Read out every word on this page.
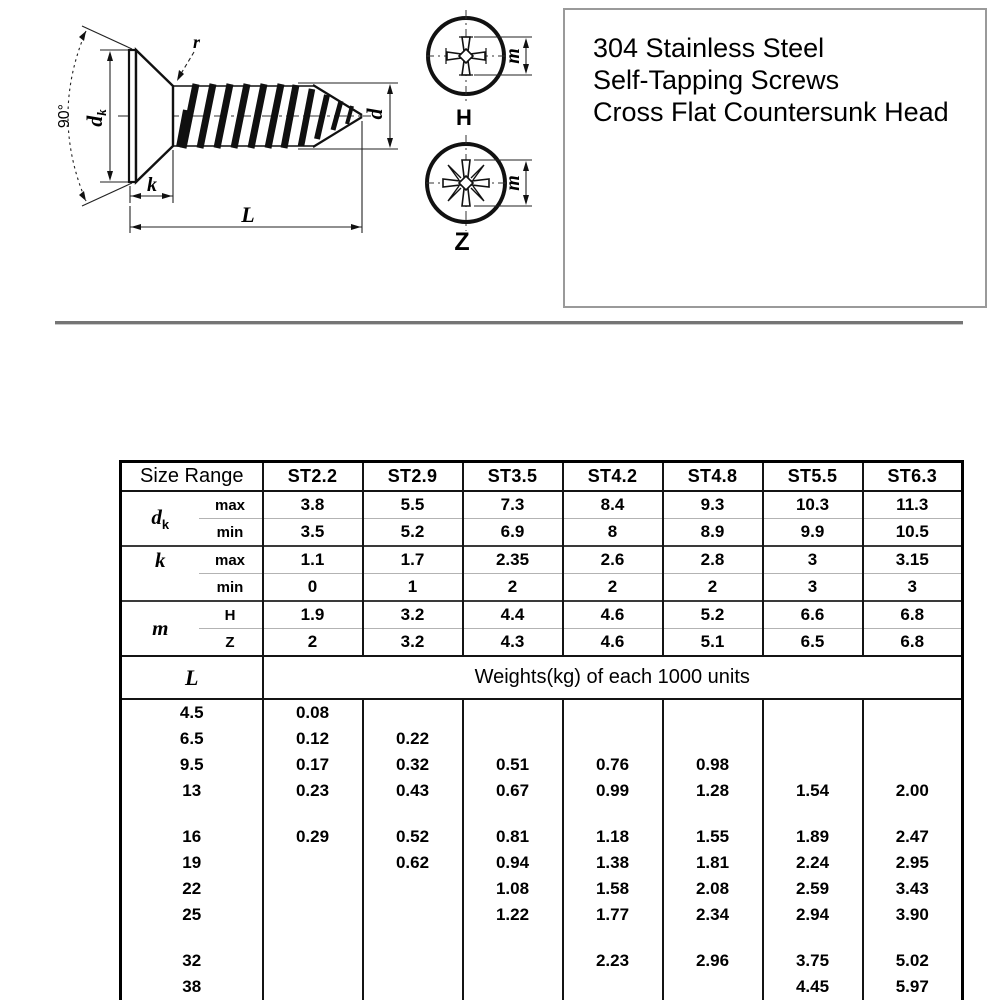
90° dk
r
k
L
d
m
m
H
Z

304 Stainless Steel

Self-Tapping Screws

Cross Flat Countersunk Head

Size Range		ST2.2	ST2.9	ST3.5	ST4.2	ST4.8	ST5.5	ST6.3
$d_k$	max	3.8	5.5	7.3	8.4	9.3	10.3	11.3
	min	3.5	5.2	6.9	8	8.9	9.9	10.5
k	max	1.1	1.7	2.35	2.6	2.8	3	3.15
	min	0	1	2	2	2	3	3
m	H	1.9	3.2	4.4	4.6	5.2	6.6	6.8
	Z	2	3.2	4.3	4.6	5.1	6.5	6.8
L		Weights(kg) of each 1000 units						
4.5		0.08						
6.5		0.12	0.22					
9.5		0.17	0.32	0.51	0.76	0.98		
13		0.23	0.43	0.67	0.99	1.28	1.54	2.00

16		0.29	0.52	0.81	1.18	1.55	1.89	2.47
19			0.62	0.94	1.38	1.81	2.24	2.95
22				1.08	1.58	2.08	2.59	3.43
25				1.22	1.77	2.34	2.94	3.90

32					2.23	2.96	3.75	5.02
38							4.45	5.97
